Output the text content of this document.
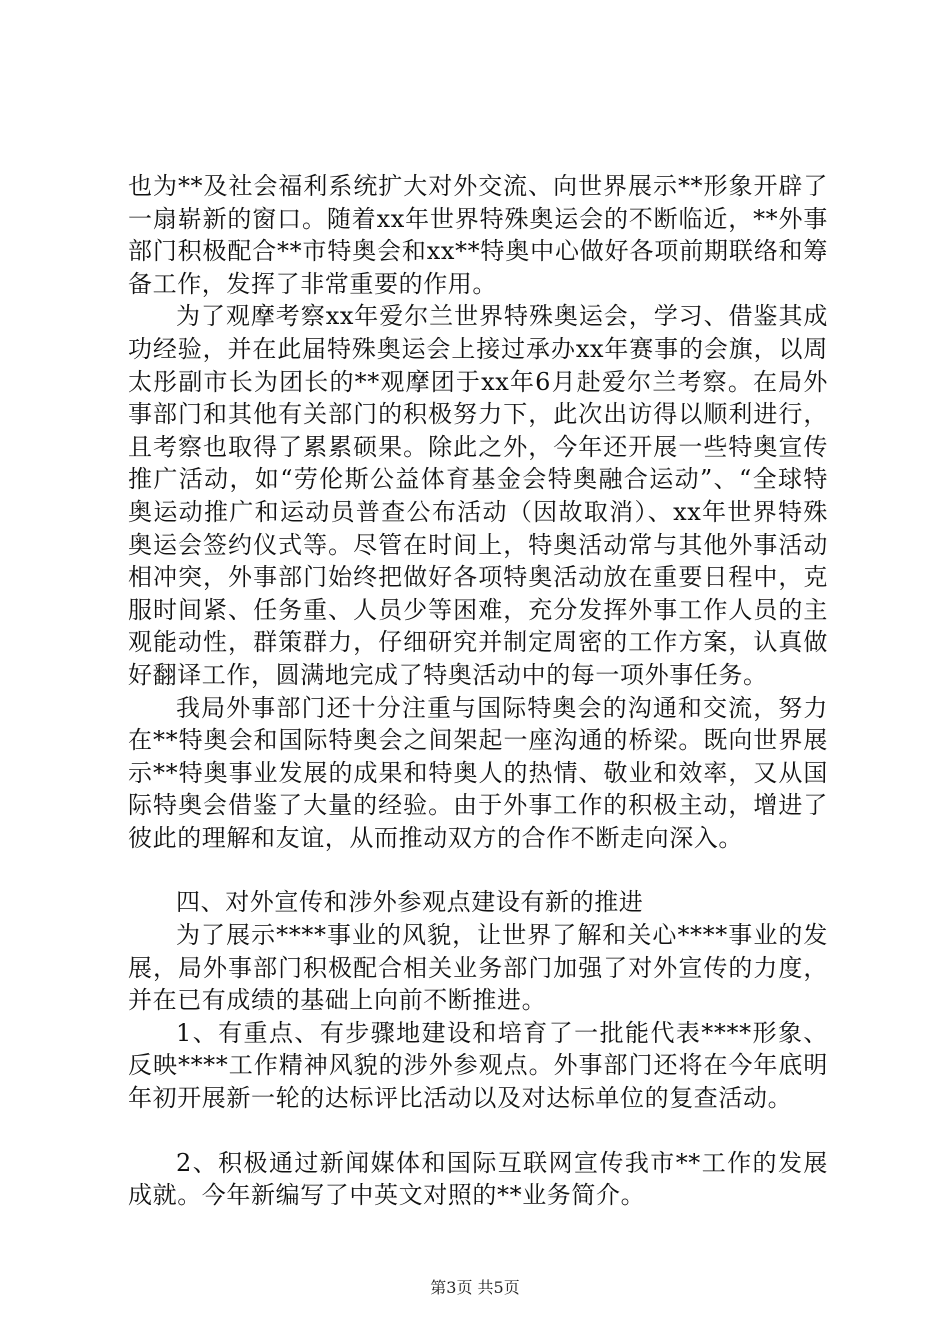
也为**及社会福利系统扩大对外交流、向世界展示**形象开辟了一扇崭新的窗口。随着xx年世界特殊奥运会的不断临近，**外事部门积极配合**市特奥会和xx**特奥中心做好各项前期联络和筹备工作，发挥了非常重要的作用。

为了观摩考察xx年爱尔兰世界特殊奥运会，学习、借鉴其成功经验，并在此届特殊奥运会上接过承办xx年赛事的会旗，以周太彤副市长为团长的**观摩团于xx年6月赴爱尔兰考察。在局外事部门和其他有关部门的积极努力下，此次出访得以顺利进行，且考察也取得了累累硕果。除此之外，今年还开展一些特奥宣传推广活动，如“劳伦斯公益体育基金会特奥融合运动”、“全球特奥运动推广和运动员普查公布活动（因故取消）、xx年世界特殊奥运会签约仪式等。尽管在时间上，特奥活动常与其他外事活动相冲突，外事部门始终把做好各项特奥活动放在重要日程中，克服时间紧、任务重、人员少等困难，充分发挥外事工作人员的主观能动性，群策群力，仔细研究并制定周密的工作方案，认真做好翻译工作，圆满地完成了特奥活动中的每一项外事任务。

我局外事部门还十分注重与国际特奥会的沟通和交流，努力在**特奥会和国际特奥会之间架起一座沟通的桥梁。既向世界展示**特奥事业发展的成果和特奥人的热情、敬业和效率，又从国际特奥会借鉴了大量的经验。由于外事工作的积极主动，增进了彼此的理解和友谊，从而推动双方的合作不断走向深入。

四、对外宣传和涉外参观点建设有新的推进

为了展示****事业的风貌，让世界了解和关心****事业的发展，局外事部门积极配合相关业务部门加强了对外宣传的力度，并在已有成绩的基础上向前不断推进。

1、有重点、有步骤地建设和培育了一批能代表****形象、反映****工作精神风貌的涉外参观点。外事部门还将在今年底明年初开展新一轮的达标评比活动以及对达标单位的复查活动。

2、积极通过新闻媒体和国际互联网宣传我市**工作的发展成就。今年新编写了中英文对照的**业务简介。

第3页 共5页
